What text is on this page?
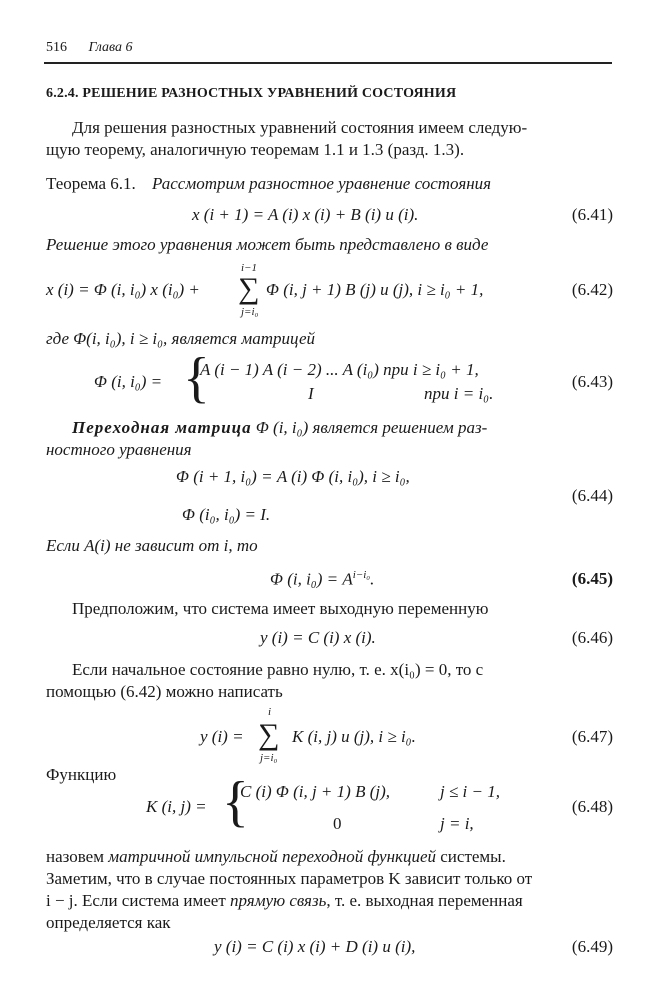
516 Глава 6
6.2.4. РЕШЕНИЕ РАЗНОСТНЫХ УРАВНЕНИЙ СОСТОЯНИЯ
Для решения разностных уравнений состояния имеем следую-
щую теорему, аналогичную теоремам 1.1 и 1.3 (разд. 1.3).
Теорема 6.1. Рассмотрим разностное уравнение состояния
x (i + 1) = A (i) x (i) + B (i) u (i).	(6.41)
Решение этого уравнения может быть представлено в виде
x (i) = Φ (i, i₀) x (i₀) +
i−1
∑
j=i₀
Φ (i, j + 1) B (j) u (j), i ≥ i₀ + 1,	(6.42)
где Φ(i, i₀), i ≥ i₀, является матрицей
Φ (i, i₀) = {
A (i − 1) A (i − 2) ... A (i₀) при i ≥ i₀ + 1,
I	при i = i₀.
(6.43)
Переходная матрица Φ (i, i₀) является решением раз-
ностного уравнения
Φ (i + 1, i₀) = A (i) Φ (i, i₀), i ≥ i₀,
Φ (i₀, i₀) = I.
(6.44)
Если A(i) не зависит от i, то
Φ (i, $i_0) = A^{i-i_0}$.	(6.45)
Предположим, что система имеет выходную переменную
y (i) = C (i) x (i).	(6.46)
Если начальное состояние равно нулю, т. е. x(i₀) = 0, то с
помощью (6.42) можно написать
y (i) =
i
∑
j=i₀
K (i, j) u (j), i ≥ i₀.	(6.47)
Функцию
K (i, j) = {
C (i) Φ (i, j + 1) B (j),	j ≤ i − 1,
0	j = i,
(6.48)
назовем матричной импульсной переходной функцией системы.
Заметим, что в случае постоянных параметров K зависит только от
i − j. Если система имеет прямую связь, т. е. выходная переменная
определяется как
y (i) = C (i) x (i) + D (i) u (i),	(6.49)
